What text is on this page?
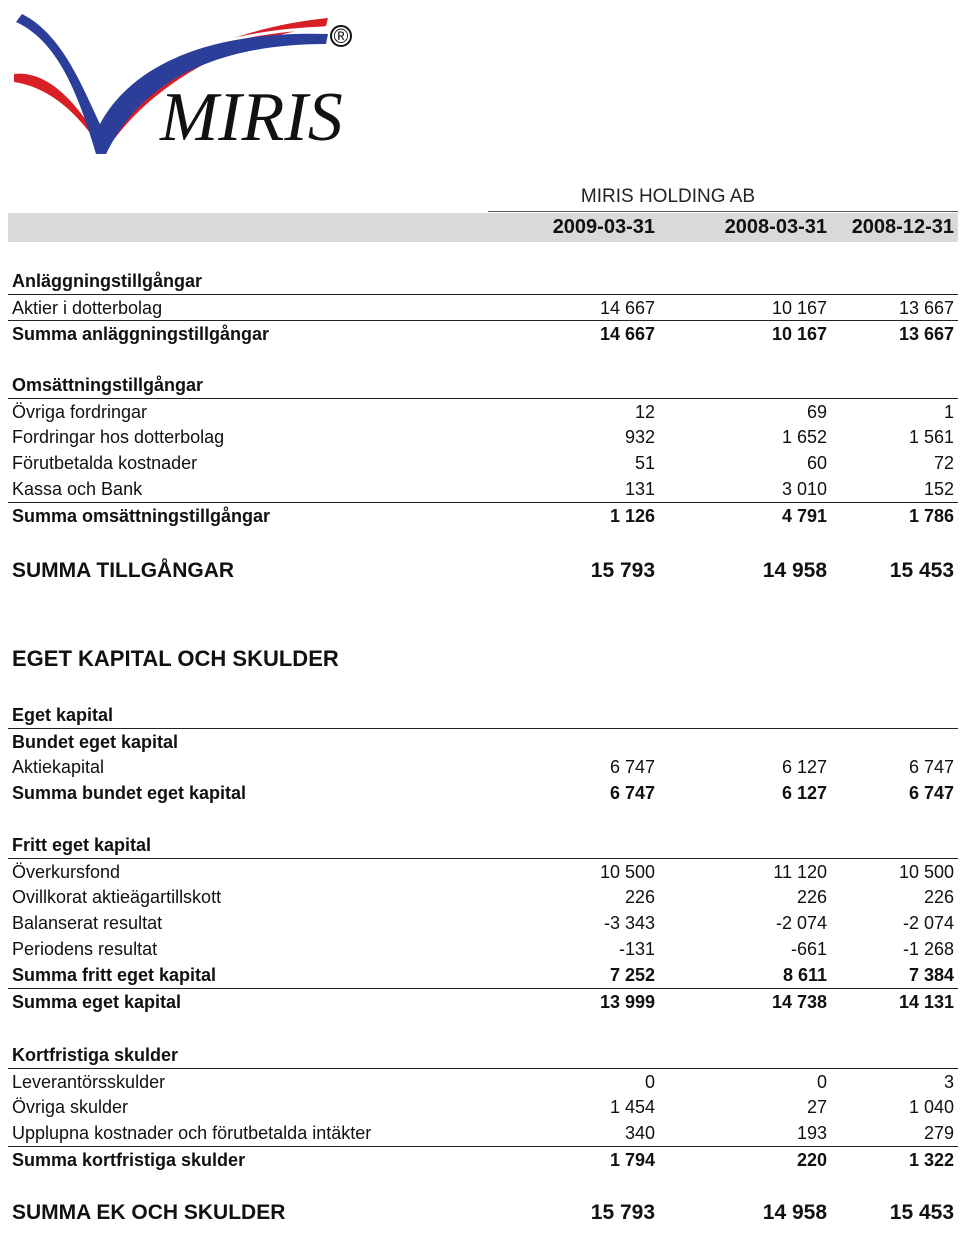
MIRIS
®
MIRIS HOLDING AB
2009-03-31	2008-03-31 2008-12-31
Anläggningstillgångar
Aktier i dotterbolag	14 667	10 167	13 667
Summa anläggningstillgångar	14 667	10 167	13 667
Omsättningstillgångar
Övriga fordringar	12	69	1
Fordringar hos dotterbolag	932	1 652	1 561
Förutbetalda kostnader	51	60	72
Kassa och Bank	131	3 010	152
Summa omsättningstillgångar	1 126	4 791	1 786
SUMMA TILLGÅNGAR	15 793	14 958	15 453
EGET KAPITAL OCH SKULDER
Eget kapital
Bundet eget kapital
Aktiekapital	6 747	6 127	6 747
Summa bundet eget kapital	6 747	6 127	6 747
Fritt eget kapital
Överkursfond	10 500	11 120	10 500
Ovillkorat aktieägartillskott	226	226	226
Balanserat resultat	-3 343	-2 074	-2 074
Periodens resultat	-131	-661	-1 268
Summa fritt eget kapital	7 252	8 611	7 384
Summa eget kapital	13 999	14 738	14 131
Kortfristiga skulder
Leverantörsskulder	0	0	3
Övriga skulder	1 454	27	1 040
Upplupna kostnader och förutbetalda intäkter	340	193	279
Summa kortfristiga skulder	1 794	220	1 322
SUMMA EK OCH SKULDER	15 793	14 958	15 453
